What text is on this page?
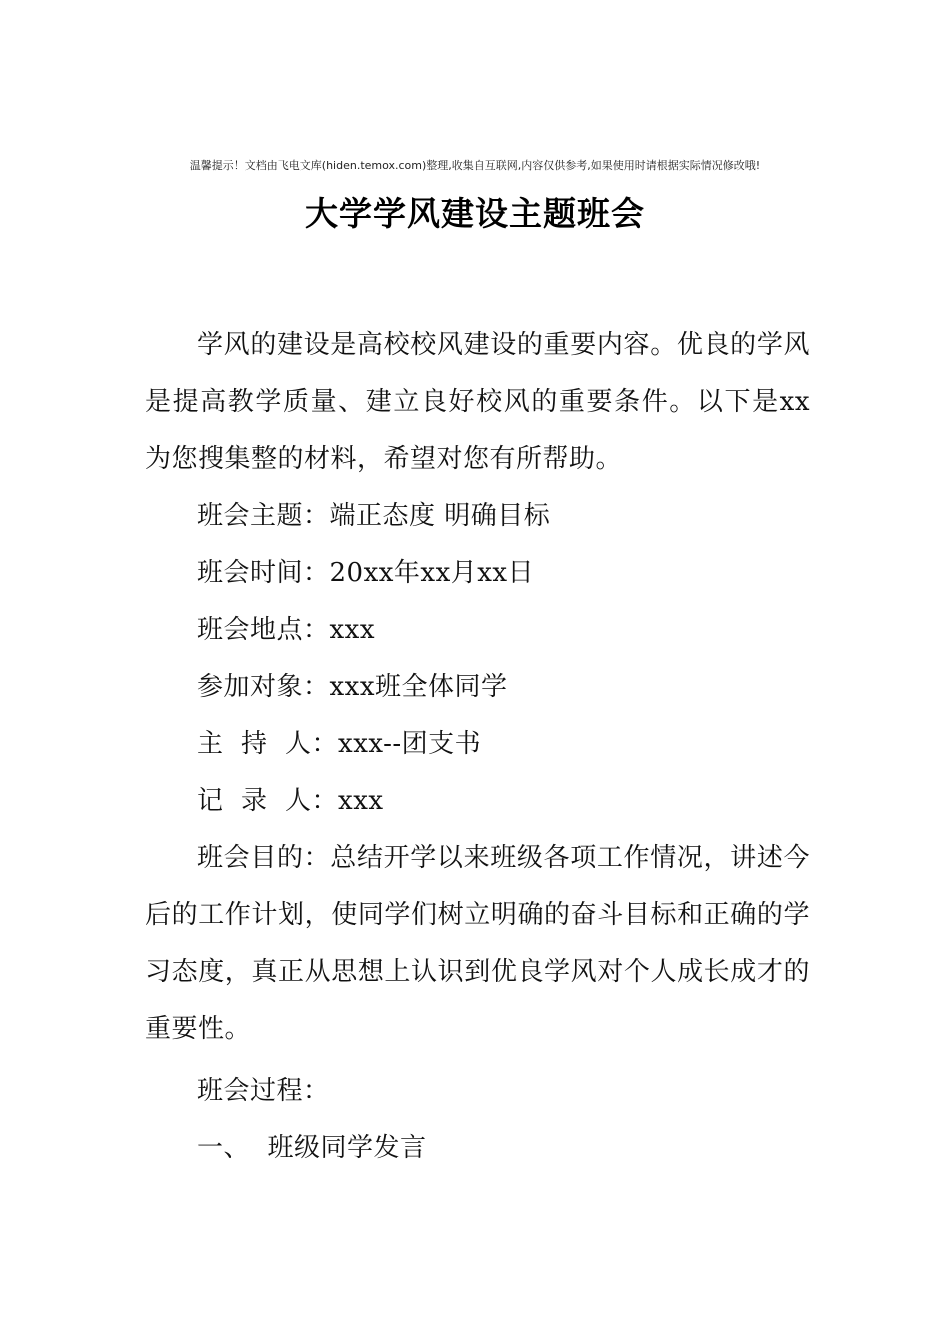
温馨提示！文档由飞电文库(hiden.temox.com)整理,收集自互联网,内容仅供参考,如果使用时请根据实际情况修改哦!
大学学风建设主题班会

学风的建设是高校校风建设的重要内容。优良的学风是提高教学质量、建立良好校风的重要条件。以下是xx为您搜集整的材料，希望对您有所帮助。

班会主题：端正态度 明确目标

班会时间：20xx年xx月xx日

班会地点：xxx

参加对象：xxx班全体同学

主  持  人：xxx--团支书

记  录  人：xxx

班会目的：总结开学以来班级各项工作情况，讲述今后的工作计划，使同学们树立明确的奋斗目标和正确的学习态度，真正从思想上认识到优良学风对个人成长成才的重要性。

班会过程：

一、  班级同学发言
